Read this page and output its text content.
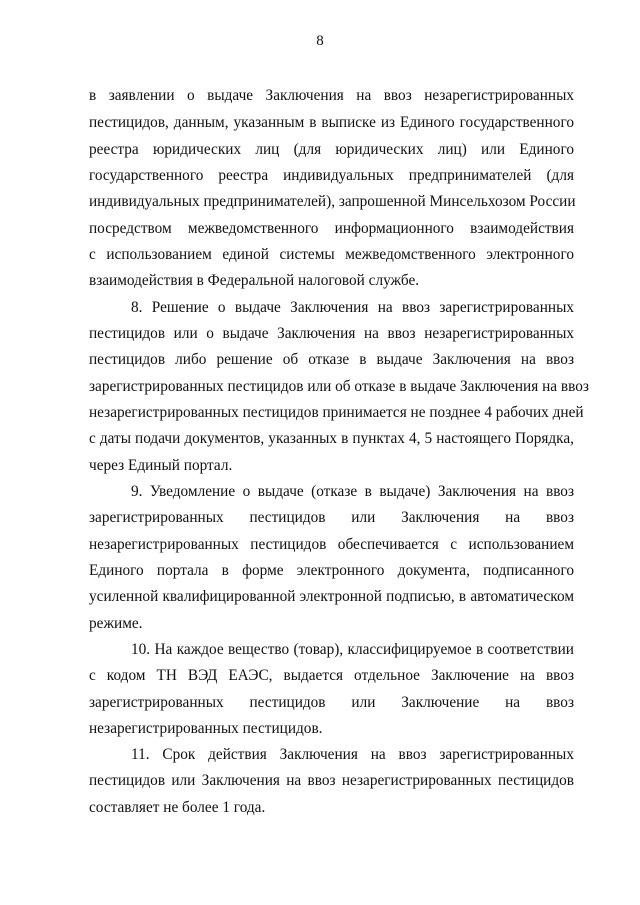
8
в заявлении о выдаче Заключения на ввоз незарегистрированных
пестицидов, данным, указанным в выписке из Единого государственного
реестра юридических лиц (для юридических лиц) или Единого
государственного реестра индивидуальных предпринимателей (для
индивидуальных предпринимателей), запрошенной Минсельхозом России
посредством межведомственного информационного взаимодействия
с использованием единой системы межведомственного электронного
взаимодействия в Федеральной налоговой службе.
8. Решение о выдаче Заключения на ввоз зарегистрированных
пестицидов или о выдаче Заключения на ввоз незарегистрированных
пестицидов либо решение об отказе в выдаче Заключения на ввоз
зарегистрированных пестицидов или об отказе в выдаче Заключения на ввоз
незарегистрированных пестицидов принимается не позднее 4 рабочих дней
с даты подачи документов, указанных в пунктах 4, 5 настоящего Порядка,
через Единый портал.
9. Уведомление о выдаче (отказе в выдаче) Заключения на ввоз
зарегистрированных пестицидов или Заключения на ввоз
незарегистрированных пестицидов обеспечивается с использованием
Единого портала в форме электронного документа, подписанного
усиленной квалифицированной электронной подписью, в автоматическом
режиме.
10. На каждое вещество (товар), классифицируемое в соответствии
с кодом ТН ВЭД ЕАЭС, выдается отдельное Заключение на ввоз
зарегистрированных пестицидов или Заключение на ввоз
незарегистрированных пестицидов.
11. Срок действия Заключения на ввоз зарегистрированных
пестицидов или Заключения на ввоз незарегистрированных пестицидов
составляет не более 1 года.
